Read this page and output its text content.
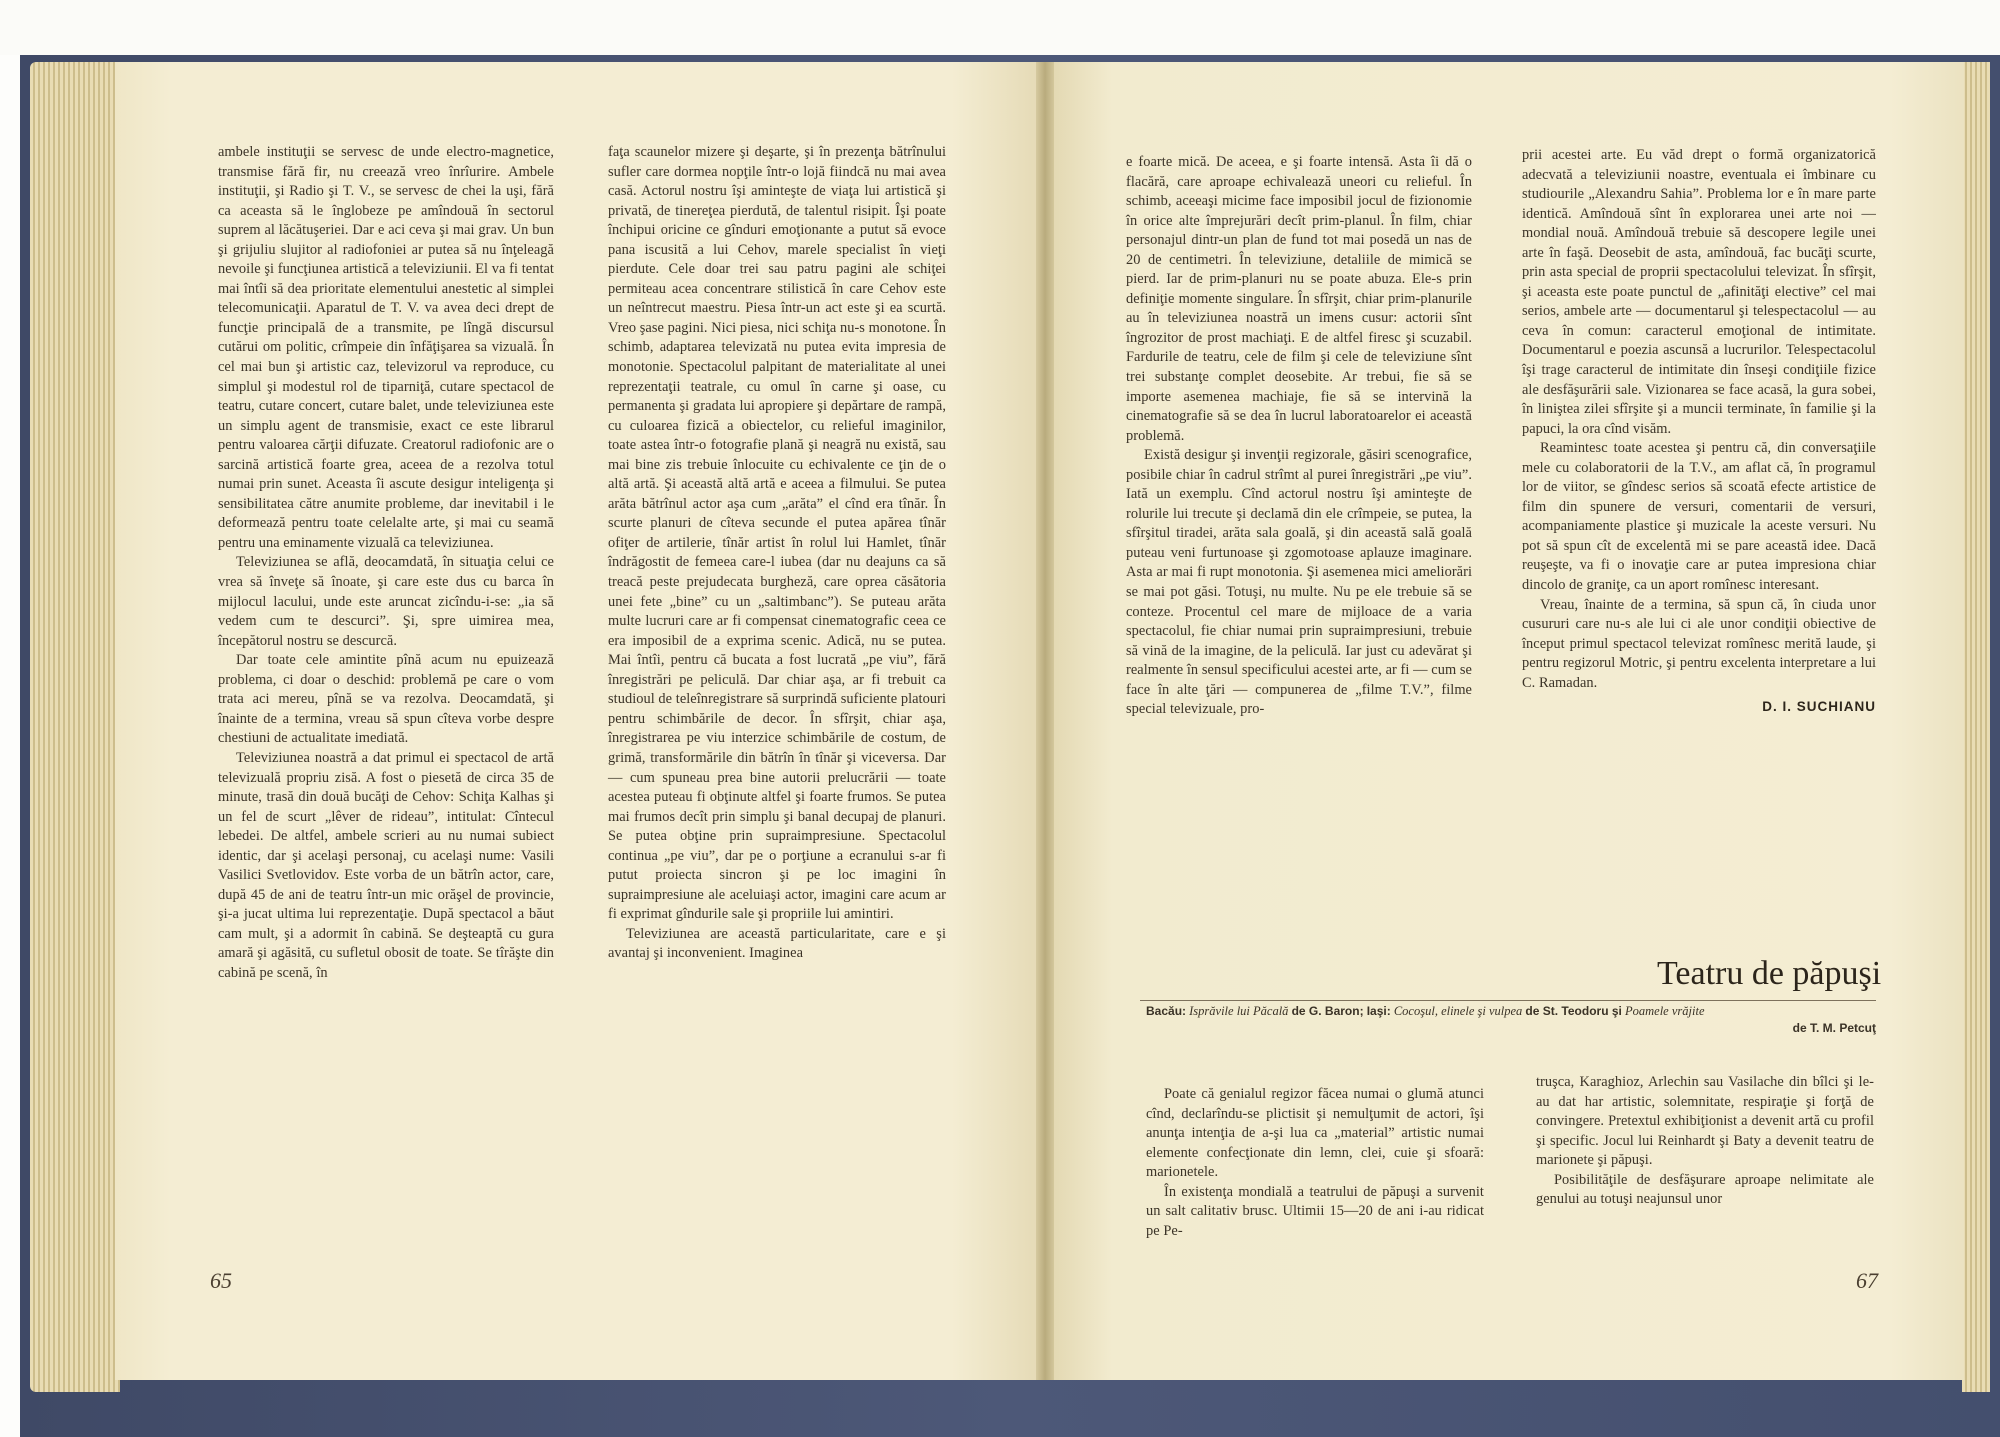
ambele instituţii se servesc de unde electro-magnetice, transmise fără fir, nu creează vreo înrîurire. Ambele instituţii, şi Radio şi T. V., se servesc de chei la uşi, fără ca aceasta să le înglobeze pe amîndouă în sectorul suprem al lăcătuşeriei. Dar e aci ceva şi mai grav. Un bun şi grijuliu slujitor al radiofoniei ar putea să nu înţeleagă nevoile şi funcţiunea artistică a televiziunii. El va fi tentat mai întîi să dea prioritate elementului anestetic al simplei telecomunicaţii. Aparatul de T. V. va avea deci drept de funcţie principală de a transmite, pe lîngă discursul cutărui om politic, crîmpeie din înfăţişarea sa vizuală. În cel mai bun şi artistic caz, televizorul va reproduce, cu simplul şi modestul rol de tiparniţă, cutare spectacol de teatru, cutare concert, cutare balet, unde televiziunea este un simplu agent de transmisie, exact ce este librarul pentru valoarea cărţii difuzate. Creatorul radiofonic are o sarcină artistică foarte grea, aceea de a rezolva totul numai prin sunet. Aceasta îi ascute desigur inteligenţa şi sensibilitatea către anumite probleme, dar inevitabil i le deformează pentru toate celelalte arte, şi mai cu seamă pentru una eminamente vizuală ca televiziunea.

Televiziunea se află, deocamdată, în situaţia celui ce vrea să înveţe să înoate, şi care este dus cu barca în mijlocul lacului, unde este aruncat zicîndu-i-se: „ia să vedem cum te descurci”. Şi, spre uimirea mea, începătorul nostru se descurcă.

Dar toate cele amintite pînă acum nu epuizează problema, ci doar o deschid: problemă pe care o vom trata aci mereu, pînă se va rezolva. Deocamdată, şi înainte de a termina, vreau să spun cîteva vorbe despre chestiuni de actualitate imediată.

Televiziunea noastră a dat primul ei spectacol de artă televizuală propriu zisă. A fost o piesetă de circa 35 de minute, trasă din două bucăţi de Cehov: Schiţa Kalhas şi un fel de scurt „lêver de rideau”, intitulat: Cîntecul lebedei. De altfel, ambele scrieri au nu numai subiect identic, dar şi acelaşi personaj, cu acelaşi nume: Vasili Vasilici Svetlovidov. Este vorba de un bătrîn actor, care, după 45 de ani de teatru într-un mic orăşel de provincie, şi-a jucat ultima lui reprezentaţie. După spectacol a băut cam mult, şi a adormit în cabină. Se deşteaptă cu gura amară şi agăsită, cu sufletul obosit de toate. Se tîrăşte din cabină pe scenă, în

faţa scaunelor mizere şi deşarte, şi în prezenţa bătrînului sufler care dormea nopţile într-o lojă fiindcă nu mai avea casă. Actorul nostru îşi aminteşte de viaţa lui artistică şi privată, de tinereţea pierdută, de talentul risipit. Îşi poate închipui oricine ce gînduri emoţionante a putut să evoce pana iscusită a lui Cehov, marele specialist în vieţi pierdute. Cele doar trei sau patru pagini ale schiţei permiteau acea concentrare stilistică în care Cehov este un neîntrecut maestru. Piesa într-un act este şi ea scurtă. Vreo şase pagini. Nici piesa, nici schiţa nu-s monotone. În schimb, adaptarea televizată nu putea evita impresia de monotonie. Spectacolul palpitant de materialitate al unei reprezentaţii teatrale, cu omul în carne şi oase, cu permanenta şi gradata lui apropiere şi depărtare de rampă, cu culoarea fizică a obiectelor, cu relieful imaginilor, toate astea într-o fotografie plană şi neagră nu există, sau mai bine zis trebuie înlocuite cu echivalente ce ţin de o altă artă. Şi această altă artă e aceea a filmului. Se putea arăta bătrînul actor aşa cum „arăta” el cînd era tînăr. În scurte planuri de cîteva secunde el putea apărea tînăr ofiţer de artilerie, tînăr artist în rolul lui Hamlet, tînăr îndrăgostit de femeea care-l iubea (dar nu deajuns ca să treacă peste prejudecata burgheză, care oprea căsătoria unei fete „bine” cu un „saltimbanc”). Se puteau arăta multe lucruri care ar fi compensat cinematografic ceea ce era imposibil de a exprima scenic. Adică, nu se putea. Mai întîi, pentru că bucata a fost lucrată „pe viu”, fără înregistrări pe peliculă. Dar chiar aşa, ar fi trebuit ca studioul de teleînregistrare să surprindă suficiente platouri pentru schimbările de decor. În sfîrşit, chiar aşa, înregistrarea pe viu interzice schimbările de costum, de grimă, transformările din bătrîn în tînăr şi viceversa. Dar — cum spuneau prea bine autorii prelucrării — toate acestea puteau fi obţinute altfel şi foarte frumos. Se putea mai frumos decît prin simplu şi banal decupaj de planuri. Se putea obţine prin supraimpresiune. Spectacolul continua „pe viu”, dar pe o porţiune a ecranului s-ar fi putut proiecta sincron şi pe loc imagini în supraimpresiune ale aceluiaşi actor, imagini care acum ar fi exprimat gîndurile sale şi propriile lui amintiri.

Televiziunea are această particularitate, care e şi avantaj şi inconvenient. Imaginea

65

e foarte mică. De aceea, e şi foarte intensă. Asta îi dă o flacără, care aproape echivalează uneori cu relieful. În schimb, aceeaşi micime face imposibil jocul de fizionomie în orice alte împrejurări decît prim-planul. În film, chiar personajul dintr-un plan de fund tot mai posedă un nas de 20 de centimetri. În televiziune, detaliile de mimică se pierd. Iar de prim-planuri nu se poate abuza. Ele-s prin definiţie momente singulare. În sfîrşit, chiar prim-planurile au în televiziunea noastră un imens cusur: actorii sînt îngrozitor de prost machiaţi. E de altfel firesc şi scuzabil. Fardurile de teatru, cele de film şi cele de televiziune sînt trei substanţe complet deosebite. Ar trebui, fie să se importe asemenea machiaje, fie să se intervină la cinematografie să se dea în lucrul laboratoarelor ei această problemă.

Există desigur şi invenţii regizorale, găsiri scenografice, posibile chiar în cadrul strîmt al purei înregistrări „pe viu”. Iată un exemplu. Cînd actorul nostru îşi aminteşte de rolurile lui trecute şi declamă din ele crîmpeie, se putea, la sfîrşitul tiradei, arăta sala goală, şi din această sală goală puteau veni furtunoase şi zgomotoase aplauze imaginare. Asta ar mai fi rupt monotonia. Şi asemenea mici ameliorări se mai pot găsi. Totuşi, nu multe. Nu pe ele trebuie să se conteze. Procentul cel mare de mijloace de a varia spectacolul, fie chiar numai prin supraimpresiuni, trebuie să vină de la imagine, de la peliculă. Iar just cu adevărat şi realmente în sensul specificului acestei arte, ar fi — cum se face în alte ţări — compunerea de „filme T.V.”, filme special televizuale, pro-

prii acestei arte. Eu văd drept o formă organizatorică adecvată a televiziunii noastre, eventuala ei îmbinare cu studiourile „Alexandru Sahia”. Problema lor e în mare parte identică. Amîndouă sînt în explorarea unei arte noi — mondial nouă. Amîndouă trebuie să descopere legile unei arte în faşă. Deosebit de asta, amîndouă, fac bucăţi scurte, prin asta special de proprii spectacolului televizat. În sfîrşit, şi aceasta este poate punctul de „afinităţi elective” cel mai serios, ambele arte — documentarul şi telespectacolul — au ceva în comun: caracterul emoţional de intimitate. Documentarul e poezia ascunsă a lucrurilor. Telespectacolul îşi trage caracterul de intimitate din înseşi condiţiile fizice ale desfăşurării sale. Vizionarea se face acasă, la gura sobei, în liniştea zilei sfîrşite şi a muncii terminate, în familie şi la papuci, la ora cînd visăm.

Reamintesc toate acestea şi pentru că, din conversaţiile mele cu colaboratorii de la T.V., am aflat că, în programul lor de viitor, se gîndesc serios să scoată efecte artistice de film din spunere de versuri, comentarii de versuri, acompaniamente plastice şi muzicale la aceste versuri. Nu pot să spun cît de excelentă mi se pare această idee. Dacă reuşeşte, va fi o inovaţie care ar putea impresiona chiar dincolo de graniţe, ca un aport romînesc interesant.

Vreau, înainte de a termina, să spun că, în ciuda unor cusururi care nu-s ale lui ci ale unor condiţii obiective de început primul spectacol televizat romînesc merită laude, şi pentru regizorul Motric, şi pentru excelenta interpretare a lui C. Ramadan.

D. I. SUCHIANU
Teatru de păpuşi
Bacău: Isprăvile lui Păcală de G. Baron; Iaşi: Cocoşul, elinele şi vulpea de St. Teodoru şi Poamele vrăjite
de T. M. Petcuţ

Poate că genialul regizor făcea numai o glumă atunci cînd, declarîndu-se plictisit şi nemulţumit de actori, îşi anunţa intenţia de a-şi lua ca „material” artistic numai elemente confecţionate din lemn, clei, cuie şi sfoară: marionetele.

În existenţa mondială a teatrului de păpuşi a survenit un salt calitativ brusc. Ultimii 15—20 de ani i-au ridicat pe Pe-

truşca, Karaghioz, Arlechin sau Vasilache din bîlci şi le-au dat har artistic, solemnitate, respiraţie şi forţă de convingere. Pretextul exhibiţionist a devenit artă cu profil şi specific. Jocul lui Reinhardt şi Baty a devenit teatru de marionete şi păpuşi.

Posibilităţile de desfăşurare aproape nelimitate ale genului au totuşi neajunsul unor

67
